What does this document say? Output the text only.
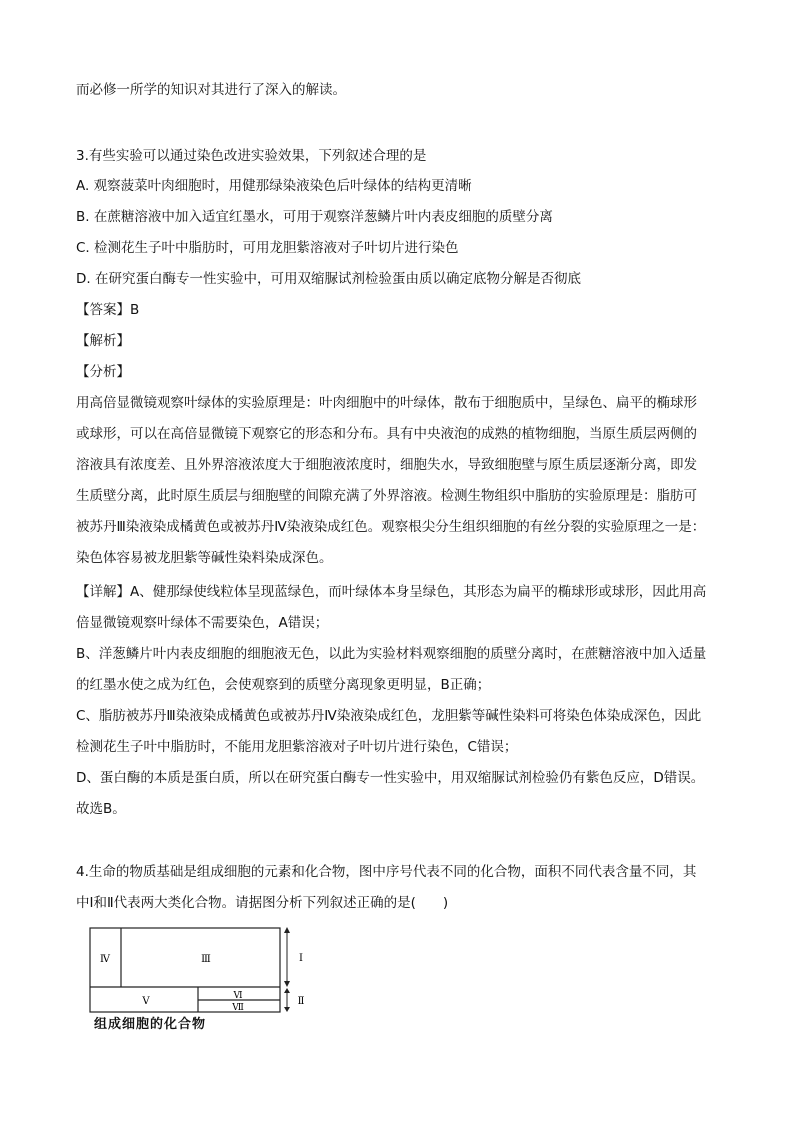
而必修一所学的知识对其进行了深入的解读。
3.有些实验可以通过染色改进实验效果，下列叙述合理的是
A. 观察菠菜叶肉细胞时，用健那绿染液染色后叶绿体的结构更清晰
B. 在蔗糖溶液中加入适宜红墨水，可用于观察洋葱鳞片叶内表皮细胞的质壁分离
C. 检测花生子叶中脂肪时，可用龙胆紫溶液对子叶切片进行染色
D. 在研究蛋白酶专一性实验中，可用双缩脲试剂检验蛋由质以确定底物分解是否彻底
【答案】B
【解析】
【分析】
用高倍显微镜观察叶绿体的实验原理是：叶肉细胞中的叶绿体，散布于细胞质中，呈绿色、扁平的椭球形
或球形，可以在高倍显微镜下观察它的形态和分布。具有中央液泡的成熟的植物细胞，当原生质层两侧的
溶液具有浓度差、且外界溶液浓度大于细胞液浓度时，细胞失水，导致细胞壁与原生质层逐渐分离，即发
生质壁分离，此时原生质层与细胞壁的间隙充满了外界溶液。检测生物组织中脂肪的实验原理是：脂肪可
被苏丹Ⅲ染液染成橘黄色或被苏丹Ⅳ染液染成红色。观察根尖分生组织细胞的有丝分裂的实验原理之一是：
染色体容易被龙胆紫等碱性染料染成深色。
【详解】A、健那绿使线粒体呈现蓝绿色，而叶绿体本身呈绿色，其形态为扁平的椭球形或球形，因此用高
倍显微镜观察叶绿体不需要染色，A错误；
B、洋葱鳞片叶内表皮细胞的细胞液无色，以此为实验材料观察细胞的质壁分离时，在蔗糖溶液中加入适量
的红墨水使之成为红色，会使观察到的质壁分离现象更明显，B正确；
C、脂肪被苏丹Ⅲ染液染成橘黄色或被苏丹Ⅳ染液染成红色，龙胆紫等碱性染料可将染色体染成深色，因此
检测花生子叶中脂肪时，不能用龙胆紫溶液对子叶切片进行染色，C错误；
D、蛋白酶的本质是蛋白质，所以在研究蛋白酶专一性实验中，用双缩脲试剂检验仍有紫色反应，D错误。
故选B。
4.生命的物质基础是组成细胞的元素和化合物，图中序号代表不同的化合物，面积不同代表含量不同，其
中Ⅰ和Ⅱ代表两大类化合物。请据图分析下列叙述正确的是(　　)
Ⅳ	Ⅲ
Ⅴ	Ⅵ
Ⅶ
Ⅰ
Ⅱ
组成细胞的化合物
